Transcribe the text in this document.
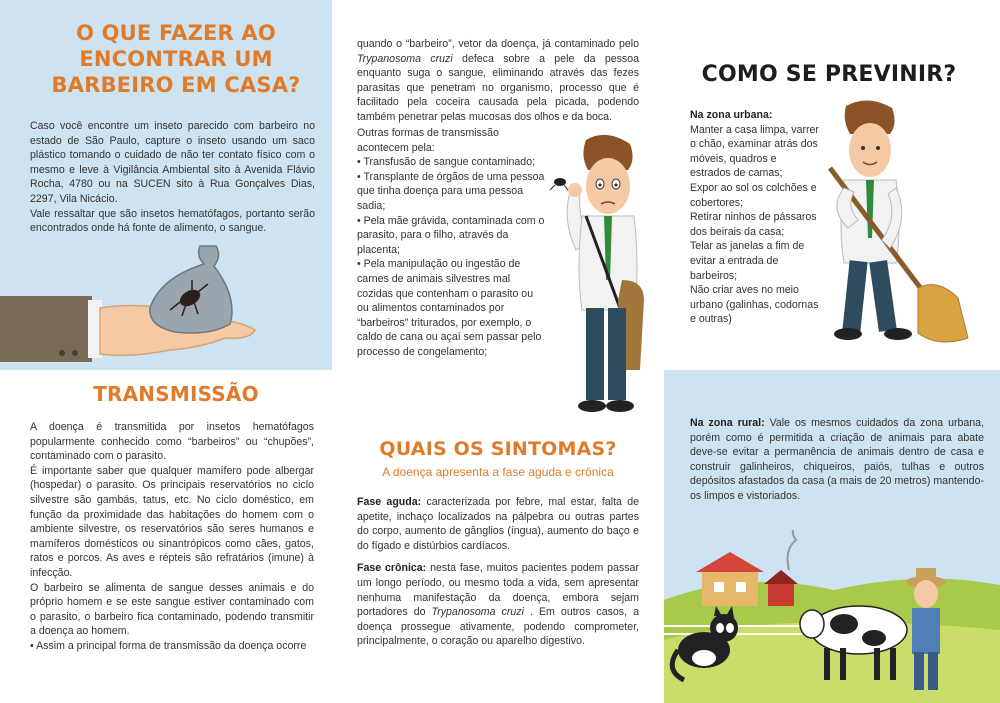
O QUE FAZER AO ENCONTRAR UM BARBEIRO EM CASA?

Caso você encontre um inseto parecido com barbeiro no estado de São Paulo, capture o inseto usando um saco plástico tomando o cuidado de não ter contato físico com o mesmo e leve à Vigilância Ambiental sito à Avenida Flávio Rocha, 4780 ou na SUCEN sito à Rua Gonçalves Dias, 2297, Vila Nicácio.

Vale ressaltar que são insetos hematófagos, portanto serão encontrados onde há fonte de alimento, o sangue.

TRANSMISSÃO

A doença é transmitida por insetos hematófagos popularmente conhecido como “barbeiros” ou “chupões”, contaminado com o parasito.

É importante saber que qualquer mamífero pode albergar (hospedar) o parasito. Os principais reservatórios no ciclo silvestre são gambás, tatus, etc. No ciclo doméstico, em função da proximidade das habitações do homem com o ambiente silvestre, os reservatórios são seres humanos e mamíferos domésticos ou sinantrópicos como cães, gatos, ratos e porcos. As aves e répteis são refratários (imune) à infecção.

O barbeiro se alimenta de sangue desses animais e do próprio homem e se este sangue estiver contaminado com o parasito, o barbeiro fica contaminado, podendo transmitir a doença ao homem.

• Assim a principal forma de transmissão da doença ocorre

quando o “barbeiro”, vetor da doença, já contaminado pelo Trypanosoma cruzi defeca sobre a pele da pessoa enquanto suga o sangue, eliminando através das fezes parasitas que penetram no organismo, processo que é facilitado pela coceira causada pela picada, podendo também penetrar pelas mucosas dos olhos e da boca.

Outras formas de transmissão acontecem pela:

• Transfusão de sangue contaminado;

• Transplante de órgãos de uma pessoa que tinha doença para uma pessoa sadia;

• Pela mãe grávida, contaminada com o parasito, para o filho, através da placenta;

• Pela manipulação ou ingestão de carnes de animais silvestres mal cozidas que contenham o parasito ou ou alimentos contaminados por “barbeiros” triturados, por exemplo, o caldo de cana ou açaí sem passar pelo processo de congelamento;

QUAIS OS SINTOMAS?
A doença apresenta a fase aguda e crônica

Fase aguda: caracterizada por febre, mal estar, falta de apetite, inchaço localizados na pálpebra ou outras partes do corpo, aumento de gânglios (íngua), aumento do baço e do fígado e distúrbios cardíacos.

Fase crônica: nesta fase, muitos pacientes podem passar um longo período, ou mesmo toda a vida, sem apresentar nenhuma manifestação da doença, embora sejam portadores do Trypanosoma cruzi . Em outros casos, a doença prossegue ativamente, podendo comprometer, principalmente, o coração ou aparelho digestivo.

COMO SE PREVINIR?

Na zona urbana:

Manter a casa limpa, varrer o chão, examinar atrás dos móveis, quadros e estrados de camas;

Expor ao sol os colchões e cobertores;

Retirar ninhos de pássaros dos beirais da casa;

Telar as janelas a fim de evitar a entrada de barbeiros;

Não criar aves no meio urbano (galinhas, codornas e outras)

Na zona rural: Vale os mesmos cuidados da zona urbana, porém como é permitida a criação de animais para abate deve-se evitar a permanência de animais dentro de casa e construir galinheiros, chiqueiros, paiós, tulhas e outros depósitos afastados da casa (a mais de 20 metros) mantendo-os limpos e vistoriados.
